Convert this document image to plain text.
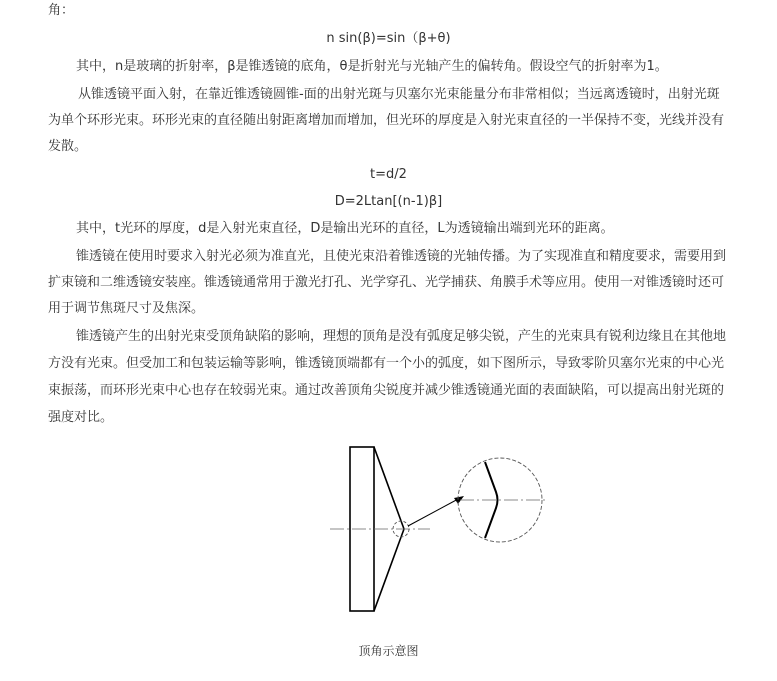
角：
n sin(β)=sin（β+θ)
其中，n是玻璃的折射率，β是锥透镜的底角，θ是折射光与光轴产生的偏转角。假设空气的折射率为1。
从锥透镜平面入射，在靠近锥透镜圆锥-面的出射光斑与贝塞尔光束能量分布非常相似；当远离透镜时，出射光斑
为单个环形光束。环形光束的直径随出射距离增加而增加，但光环的厚度是入射光束直径的一半保持不变，光线并没有
发散。
t=d/2
D=2Ltan[(n-1)β]
其中，t光环的厚度，d是入射光束直径，D是输出光环的直径，L为透镜输出端到光环的距离。
锥透镜在使用时要求入射光必须为准直光，且使光束沿着锥透镜的光轴传播。为了实现准直和精度要求，需要用到
扩束镜和二维透镜安装座。锥透镜通常用于激光打孔、光学穿孔、光学捕获、角膜手术等应用。使用一对锥透镜时还可
用于调节焦斑尺寸及焦深。
锥透镜产生的出射光束受顶角缺陷的影响，理想的顶角是没有弧度足够尖锐，产生的光束具有锐利边缘且在其他地
方没有光束。但受加工和包装运输等影响，锥透镜顶端都有一个小的弧度，如下图所示，导致零阶贝塞尔光束的中心光
束振荡，而环形光束中心也存在较弱光束。通过改善顶角尖锐度并减少锥透镜通光面的表面缺陷，可以提高出射光斑的
强度对比。
顶角示意图
